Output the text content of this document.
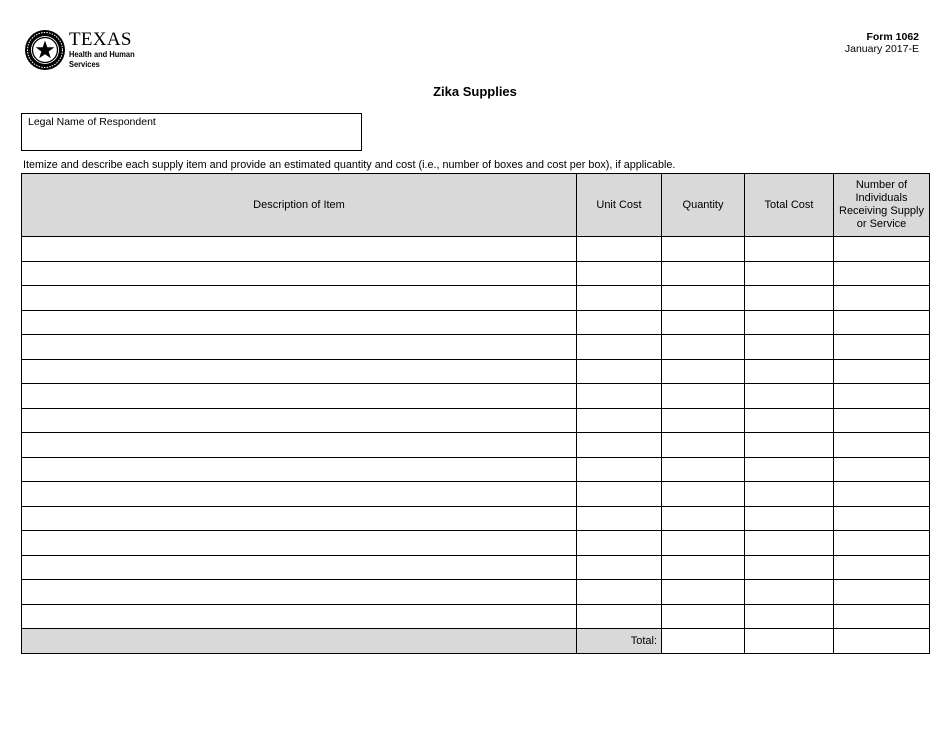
TEXAS
Health and Human
Services
Form 1062
January 2017-E
Zika Supplies
Legal Name of Respondent
Itemize and describe each supply item and provide an estimated quantity and cost (i.e., number of boxes and cost per box), if applicable.
Description of Item	Unit Cost	Quantity	Total Cost	Number of Individuals Receiving Supply or Service

	Total:			
